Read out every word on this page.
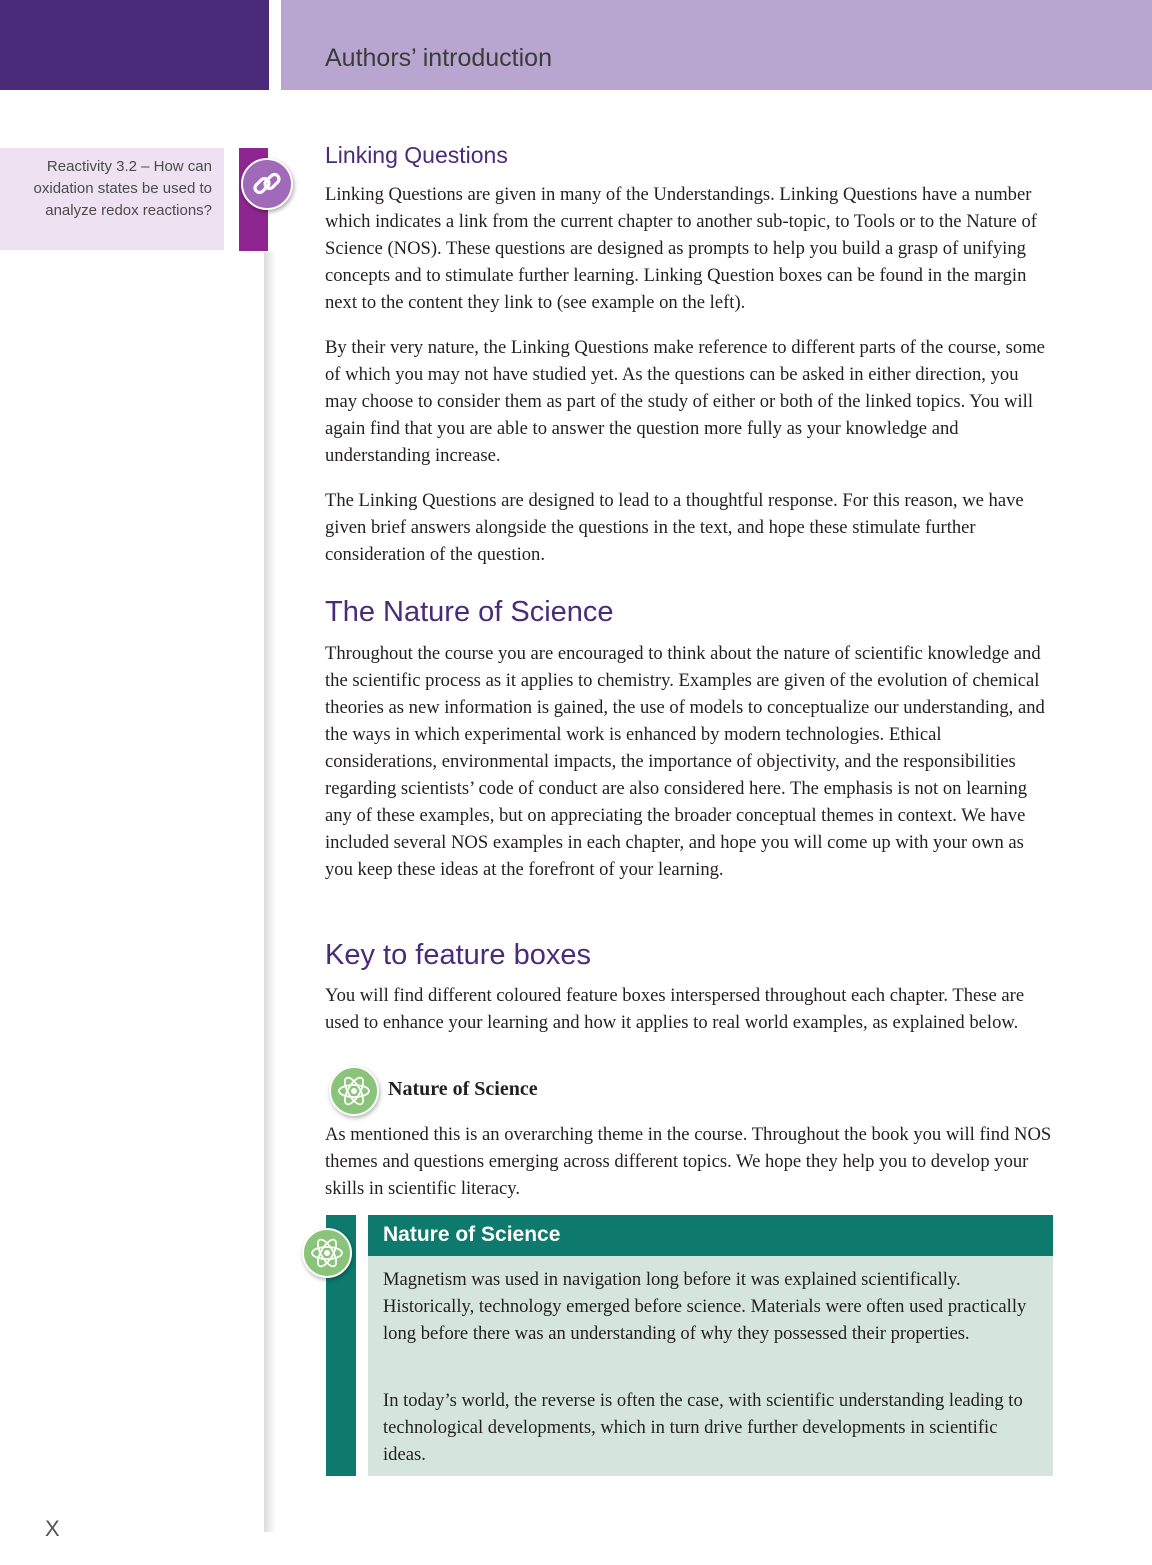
Authors’ introduction
Reactivity 3.2 – How can oxidation states be used to analyze redox reactions?
Linking Questions

Linking Questions are given in many of the Understandings. Linking Questions have a number which indicates a link from the current chapter to another sub-topic, to Tools or to the Nature of Science (NOS). These questions are designed as prompts to help you build a grasp of unifying concepts and to stimulate further learning. Linking Question boxes can be found in the margin next to the content they link to (see example on the left).

By their very nature, the Linking Questions make reference to different parts of the course, some of which you may not have studied yet. As the questions can be asked in either direction, you may choose to consider them as part of the study of either or both of the linked topics. You will again find that you are able to answer the question more fully as your knowledge and understanding increase.

The Linking Questions are designed to lead to a thoughtful response. For this reason, we have given brief answers alongside the questions in the text, and hope these stimulate further consideration of the question.

The Nature of Science

Throughout the course you are encouraged to think about the nature of scientific knowledge and the scientific process as it applies to chemistry. Examples are given of the evolution of chemical theories as new information is gained, the use of models to conceptualize our understanding, and the ways in which experimental work is enhanced by modern technologies. Ethical considerations, environmental impacts, the importance of objectivity, and the responsibilities regarding scientists’ code of conduct are also considered here. The emphasis is not on learning any of these examples, but on appreciating the broader conceptual themes in context. We have included several NOS examples in each chapter, and hope you will come up with your own as you keep these ideas at the forefront of your learning.

Key to feature boxes

You will find different coloured feature boxes interspersed throughout each chapter. These are used to enhance your learning and how it applies to real world examples, as explained below.

Nature of Science

As mentioned this is an overarching theme in the course. Throughout the book you will find NOS themes and questions emerging across different topics. We hope they help you to develop your skills in scientific literacy.

Nature of Science

Magnetism was used in navigation long before it was explained scientifically. Historically, technology emerged before science. Materials were often used practically long before there was an understanding of why they possessed their properties.

In today’s world, the reverse is often the case, with scientific understanding leading to technological developments, which in turn drive further developments in scientific ideas.

X
